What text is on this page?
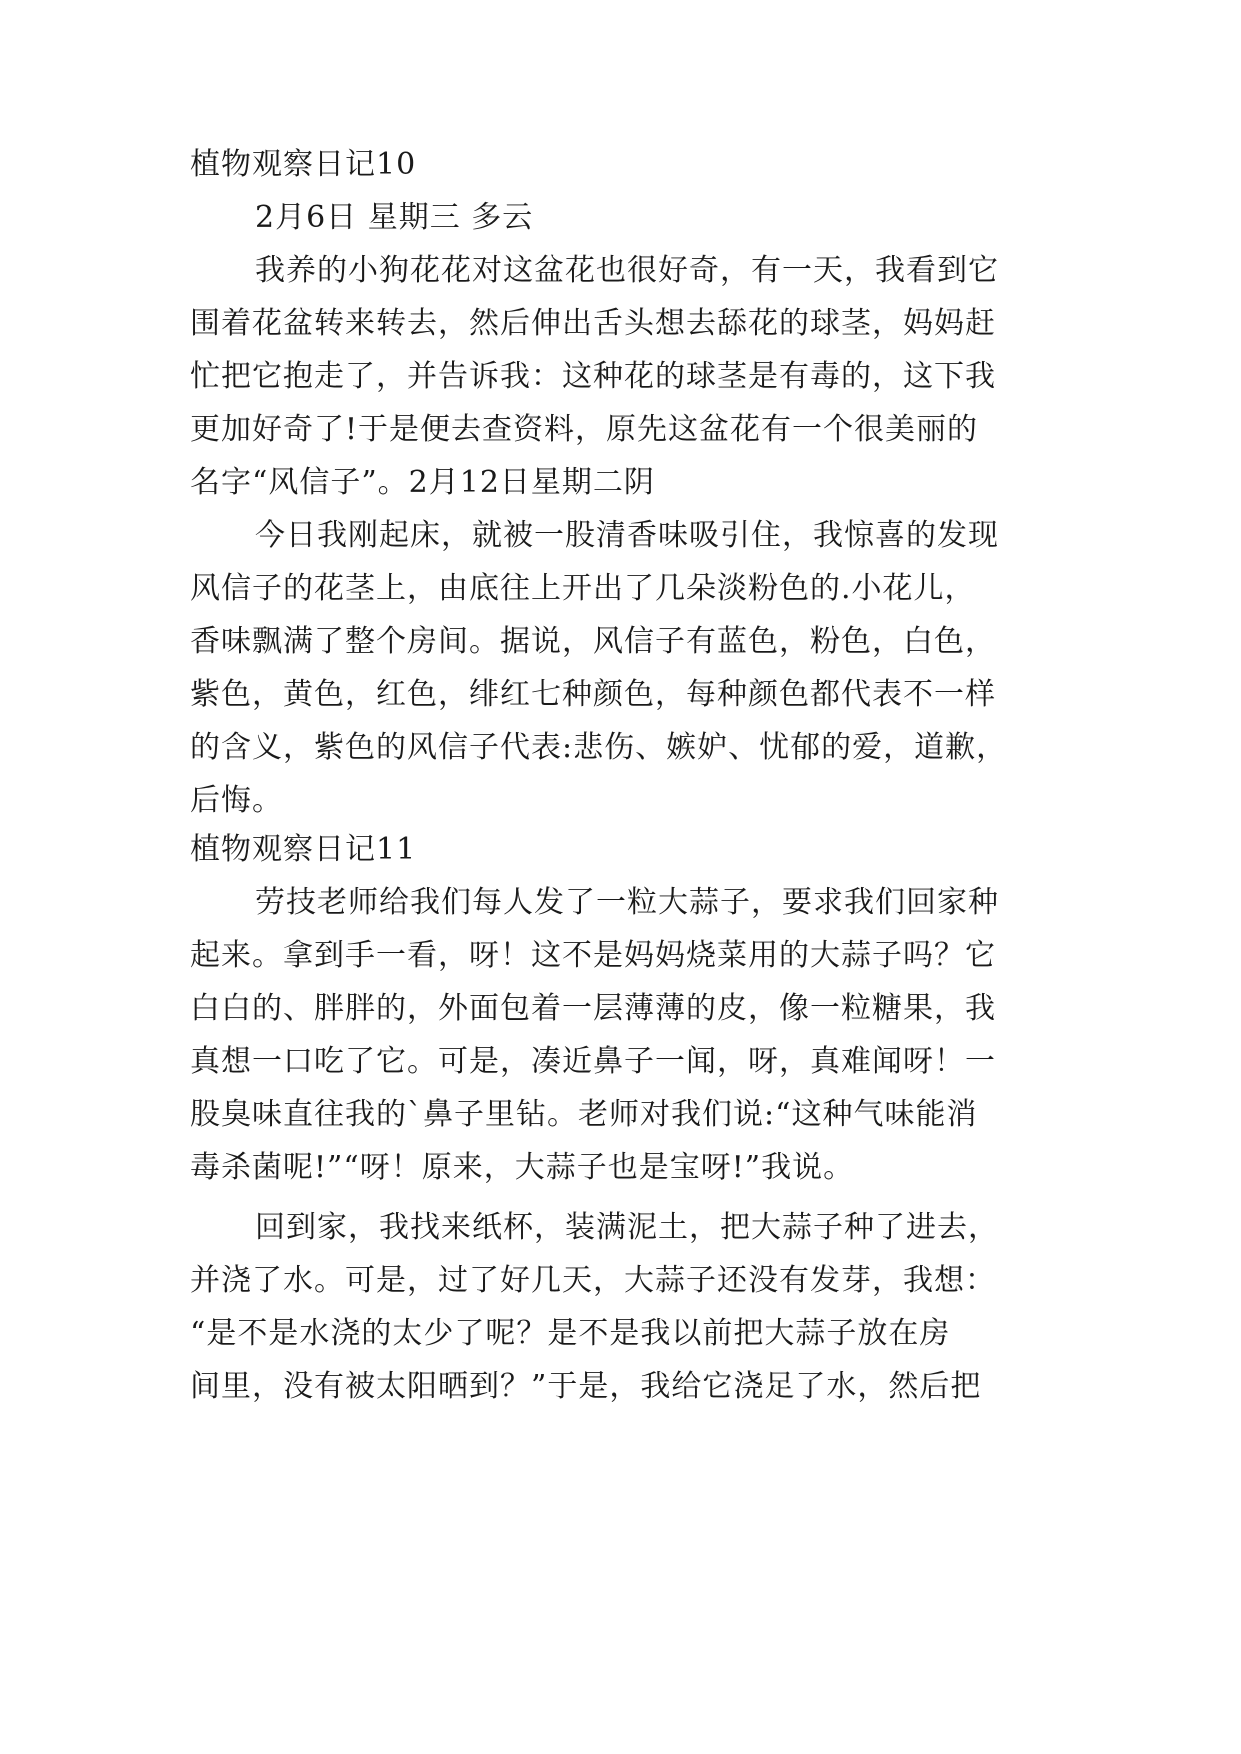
植物观察日记10
2月6日 星期三 多云
我养的小狗花花对这盆花也很好奇，有一天，我看到它
围着花盆转来转去，然后伸出舌头想去舔花的球茎，妈妈赶
忙把它抱走了，并告诉我：这种花的球茎是有毒的，这下我
更加好奇了!于是便去查资料，原先这盆花有一个很美丽的
名字“风信子”。2月12日星期二阴
今日我刚起床，就被一股清香味吸引住，我惊喜的发现
风信子的花茎上，由底往上开出了几朵淡粉色的.小花儿，
香味飘满了整个房间。据说，风信子有蓝色，粉色，白色，
紫色，黄色，红色，绯红七种颜色，每种颜色都代表不一样
的含义，紫色的风信子代表:悲伤、嫉妒、忧郁的爱，道歉，
后悔。
植物观察日记11
劳技老师给我们每人发了一粒大蒜子，要求我们回家种
起来。拿到手一看，呀！这不是妈妈烧菜用的大蒜子吗？它
白白的、胖胖的，外面包着一层薄薄的皮，像一粒糖果，我
真想一口吃了它。可是，凑近鼻子一闻，呀，真难闻呀！一
股臭味直往我的`鼻子里钻。老师对我们说:“这种气味能消
毒杀菌呢!”“呀！原来，大蒜子也是宝呀!”我说。
回到家，我找来纸杯，装满泥土，把大蒜子种了进去，
并浇了水。可是，过了好几天，大蒜子还没有发芽，我想：
“是不是水浇的太少了呢？是不是我以前把大蒜子放在房
间里，没有被太阳晒到？”于是，我给它浇足了水，然后把
